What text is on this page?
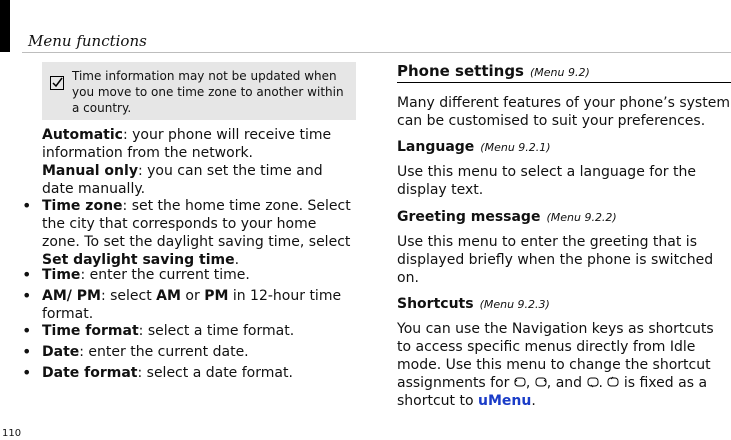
Menu functions
Time information may not be updated when you move to one time zone to another within a country.
Automatic: your phone will receive time information from the network.
Manual only: you can set the time and date manually.
• Time zone: set the home time zone. Select the city that corresponds to your home zone. To set the daylight saving time, select Set daylight saving time.
• Time: enter the current time.
• AM/ PM: select AM or PM in 12-hour time format.
• Time format: select a time format.
• Date: enter the current date.
• Date format: select a date format.
Phone settings (Menu 9.2)
Many different features of your phone’s system can be customised to suit your preferences.
Language (Menu 9.2.1)
Use this menu to select a language for the display text.
Greeting message (Menu 9.2.2)
Use this menu to enter the greeting that is displayed briefly when the phone is switched on.
Shortcuts (Menu 9.2.3)
You can use the Navigation keys as shortcuts to access specific menus directly from Idle mode. Use this menu to change the shortcut assignments for , , and . is fixed as a shortcut to uMenu.
110
